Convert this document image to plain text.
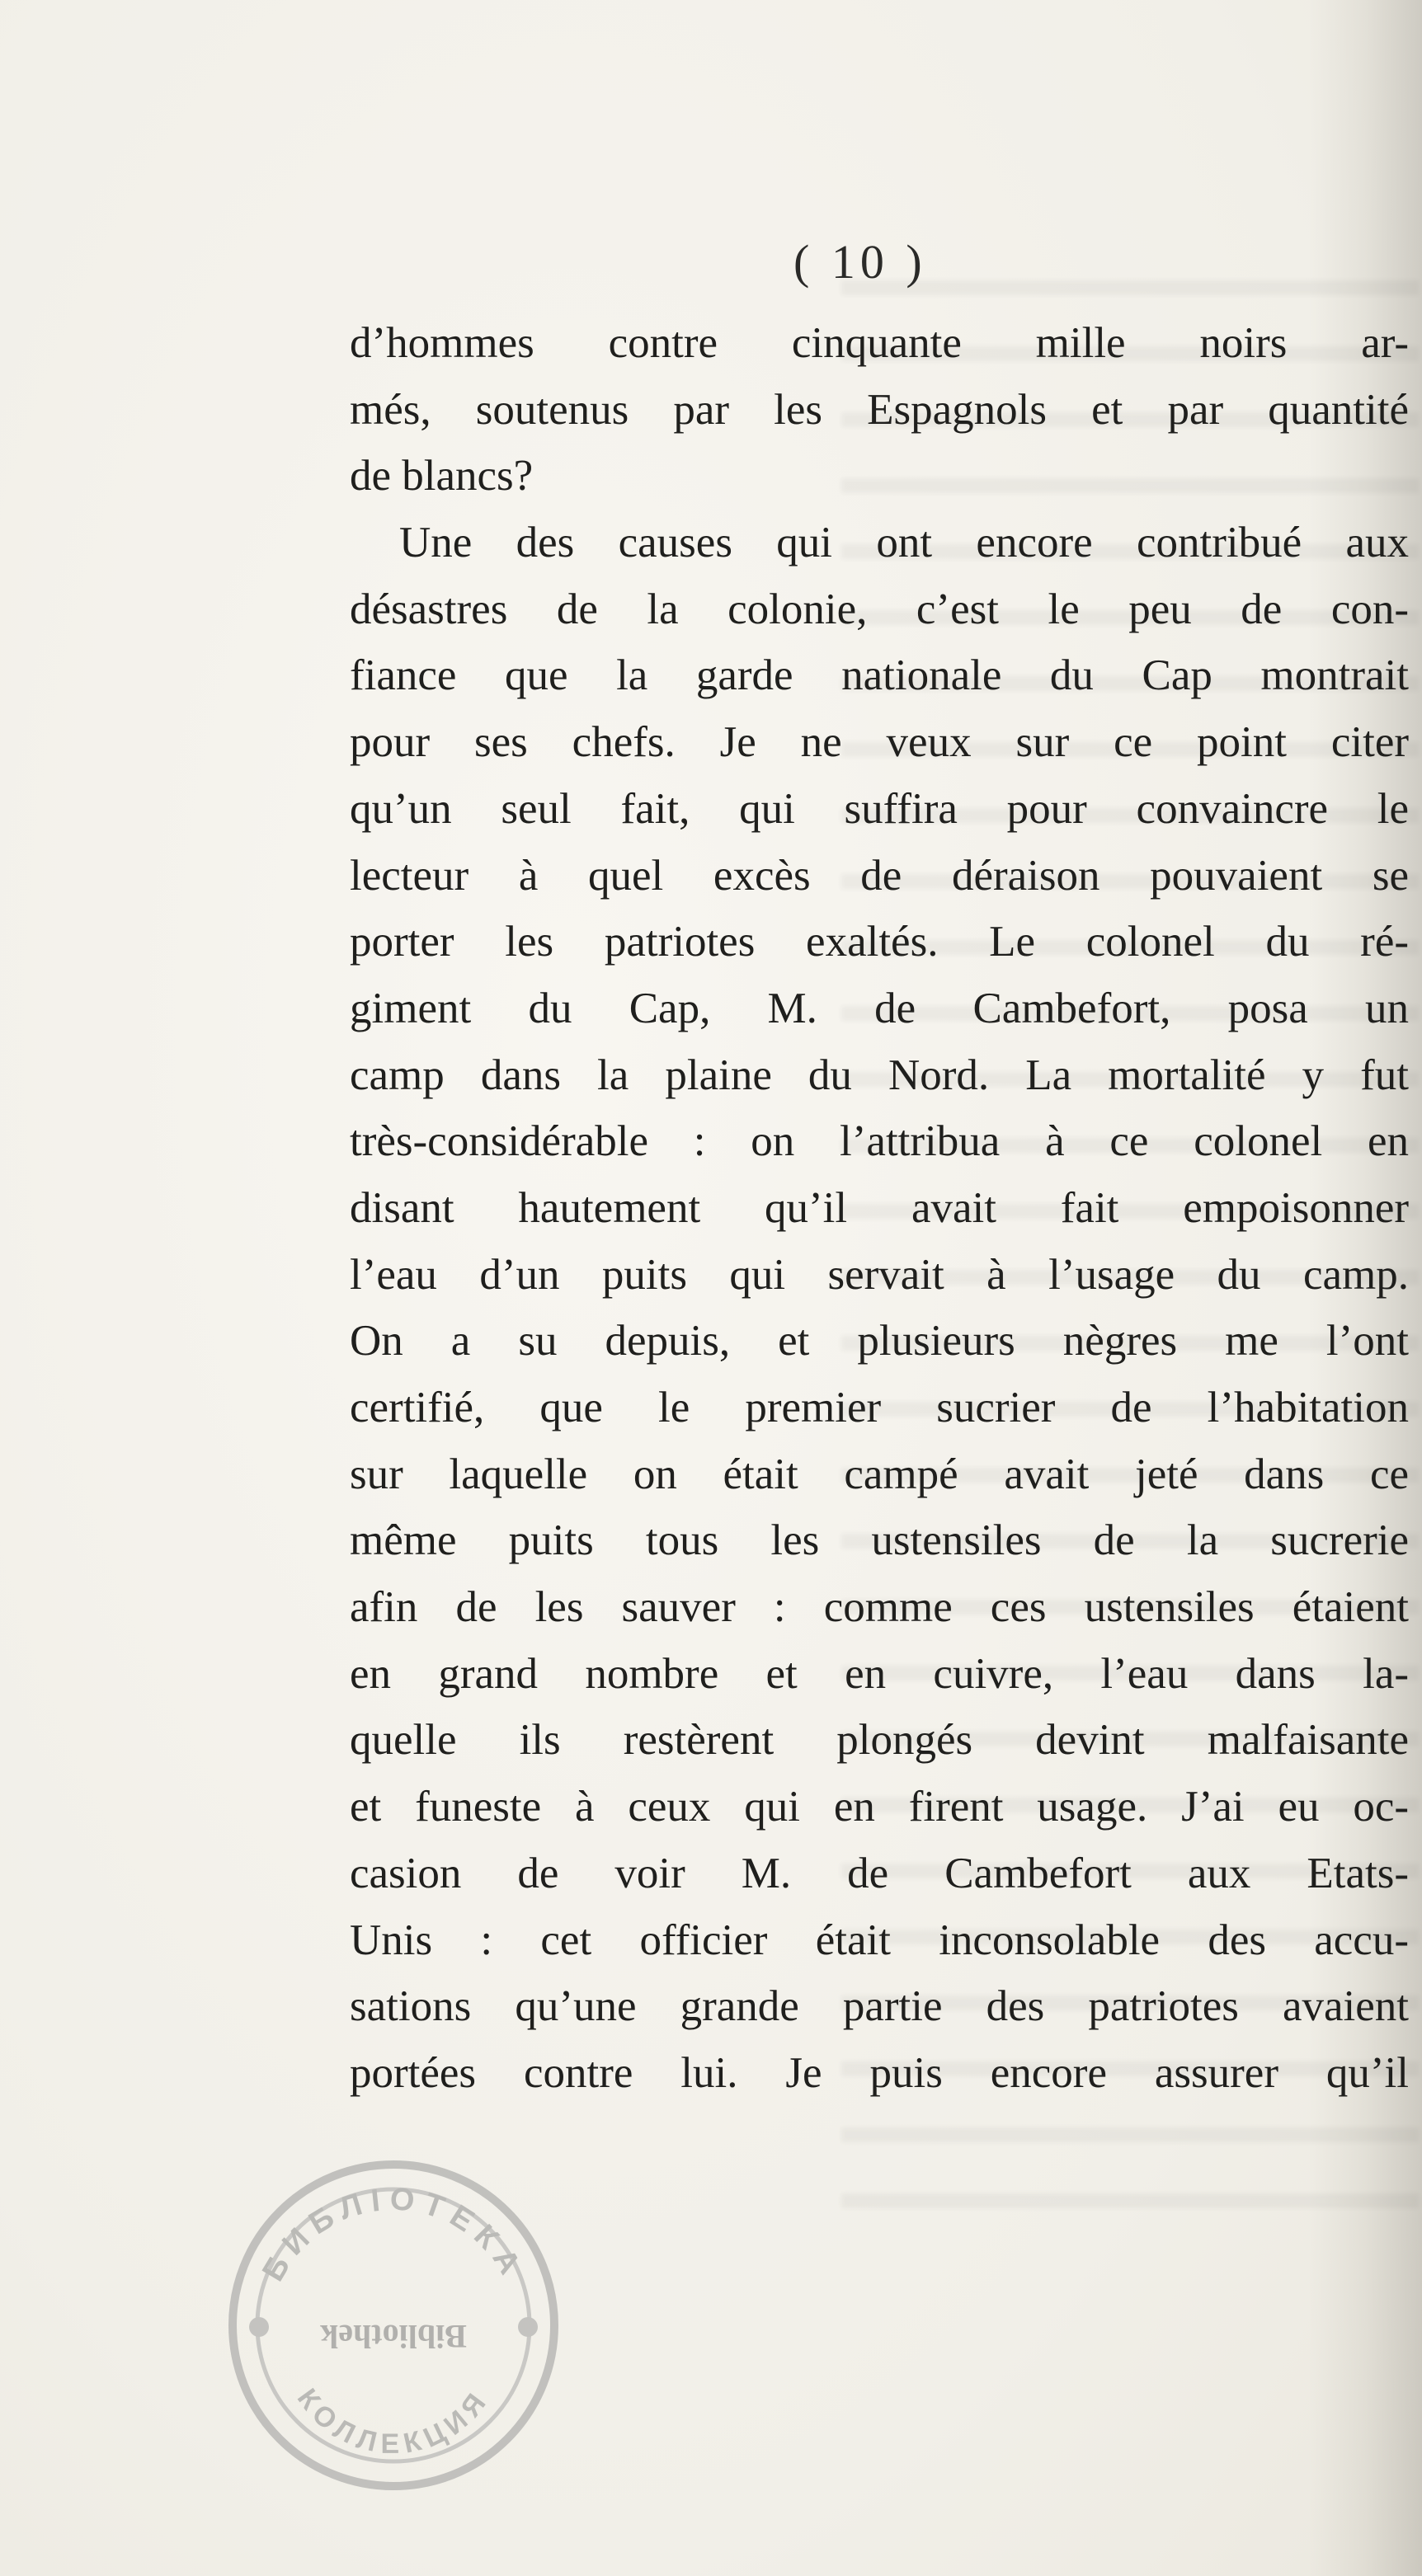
( 10 )
d’hommes contre cinquante mille noirs ar-
més, soutenus par les Espagnols et par quantité
de blancs?
Une des causes qui ont encore contribué aux
désastres de la colonie, c’est le peu de con-
fiance que la garde nationale du Cap montrait
pour ses chefs. Je ne veux sur ce point citer
qu’un seul fait, qui suffira pour convaincre le
lecteur à quel excès de déraison pouvaient se
porter les patriotes exaltés. Le colonel du ré-
giment du Cap, M. de Cambefort, posa un
camp dans la plaine du Nord. La mortalité y fut
très-considérable : on l’attribua à ce colonel en
disant hautement qu’il avait fait empoisonner
l’eau d’un puits qui servait à l’usage du camp.
On a su depuis, et plusieurs nègres me l’ont
certifié, que le premier sucrier de l’habitation
sur laquelle on était campé avait jeté dans ce
même puits tous les ustensiles de la sucrerie
afin de les sauver : comme ces ustensiles étaient
en grand nombre et en cuivre, l’eau dans la-
quelle ils restèrent plongés devint malfaisante
et funeste à ceux qui en firent usage. J’ai eu oc-
casion de voir M. de Cambefort aux Etats-
Unis : cet officier était inconsolable des accu-
sations qu’une grande partie des patriotes avaient
portées contre lui. Je puis encore assurer qu’il
БИБЛІОТЕКА
КОЛЛЕКЦИЯ
Bibliothek
